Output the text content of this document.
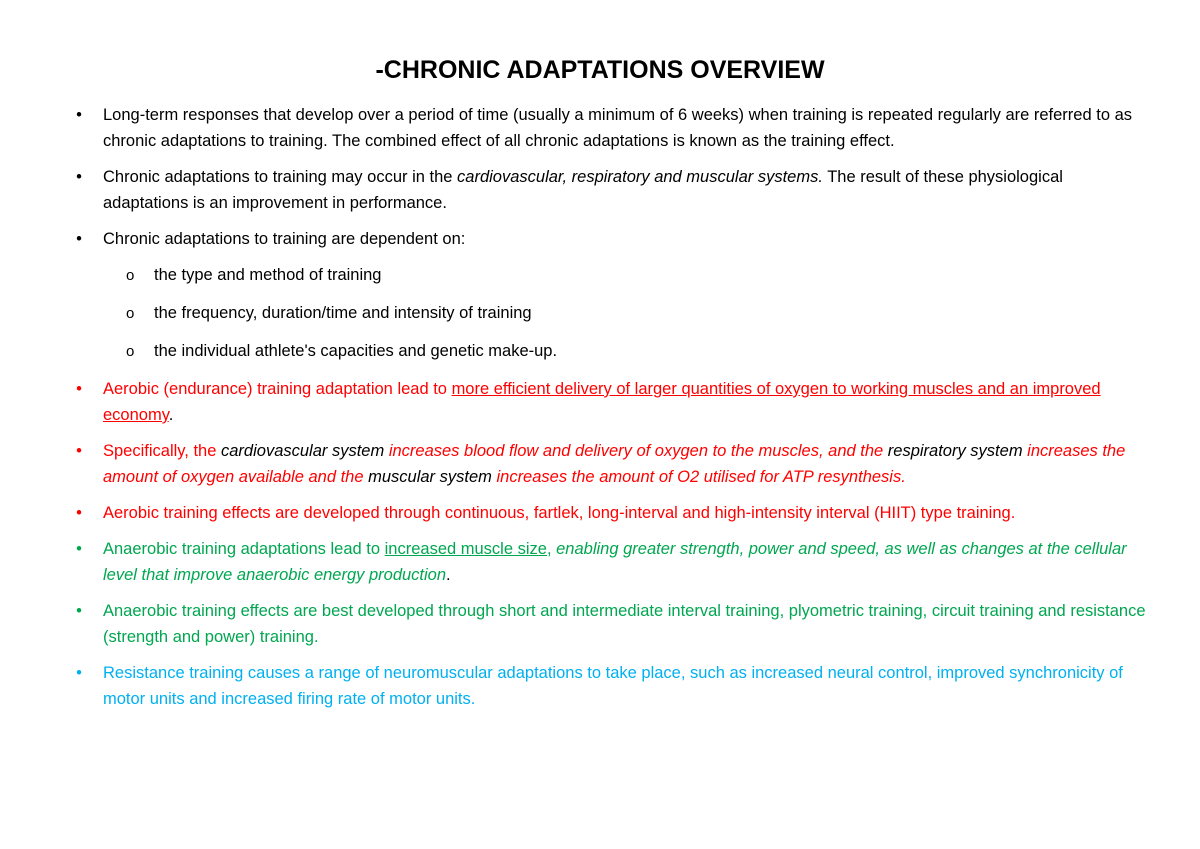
-CHRONIC ADAPTATIONS OVERVIEW
• Long-term responses that develop over a period of time (usually a minimum of 6 weeks) when training is repeated regularly are referred to as chronic adaptations to training. The combined effect of all chronic adaptations is known as the training effect.
• Chronic adaptations to training may occur in the cardiovascular, respiratory and muscular systems. The result of these physiological adaptations is an improvement in performance.
• Chronic adaptations to training are dependent on:
o the type and method of training
o the frequency, duration/time and intensity of training
o the individual athlete's capacities and genetic make-up.
• Aerobic (endurance) training adaptation lead to more efficient delivery of larger quantities of oxygen to working muscles and an improved economy.
• Specifically, the cardiovascular system increases blood flow and delivery of oxygen to the muscles, and the respiratory system increases the amount of oxygen available and the muscular system increases the amount of O2 utilised for ATP resynthesis.
• Aerobic training effects are developed through continuous, fartlek, long-interval and high-intensity interval (HIIT) type training.
• Anaerobic training adaptations lead to increased muscle size, enabling greater strength, power and speed, as well as changes at the cellular level that improve anaerobic energy production.
• Anaerobic training effects are best developed through short and intermediate interval training, plyometric training, circuit training and resistance (strength and power) training.
• Resistance training causes a range of neuromuscular adaptations to take place, such as increased neural control, improved synchronicity of motor units and increased firing rate of motor units.
